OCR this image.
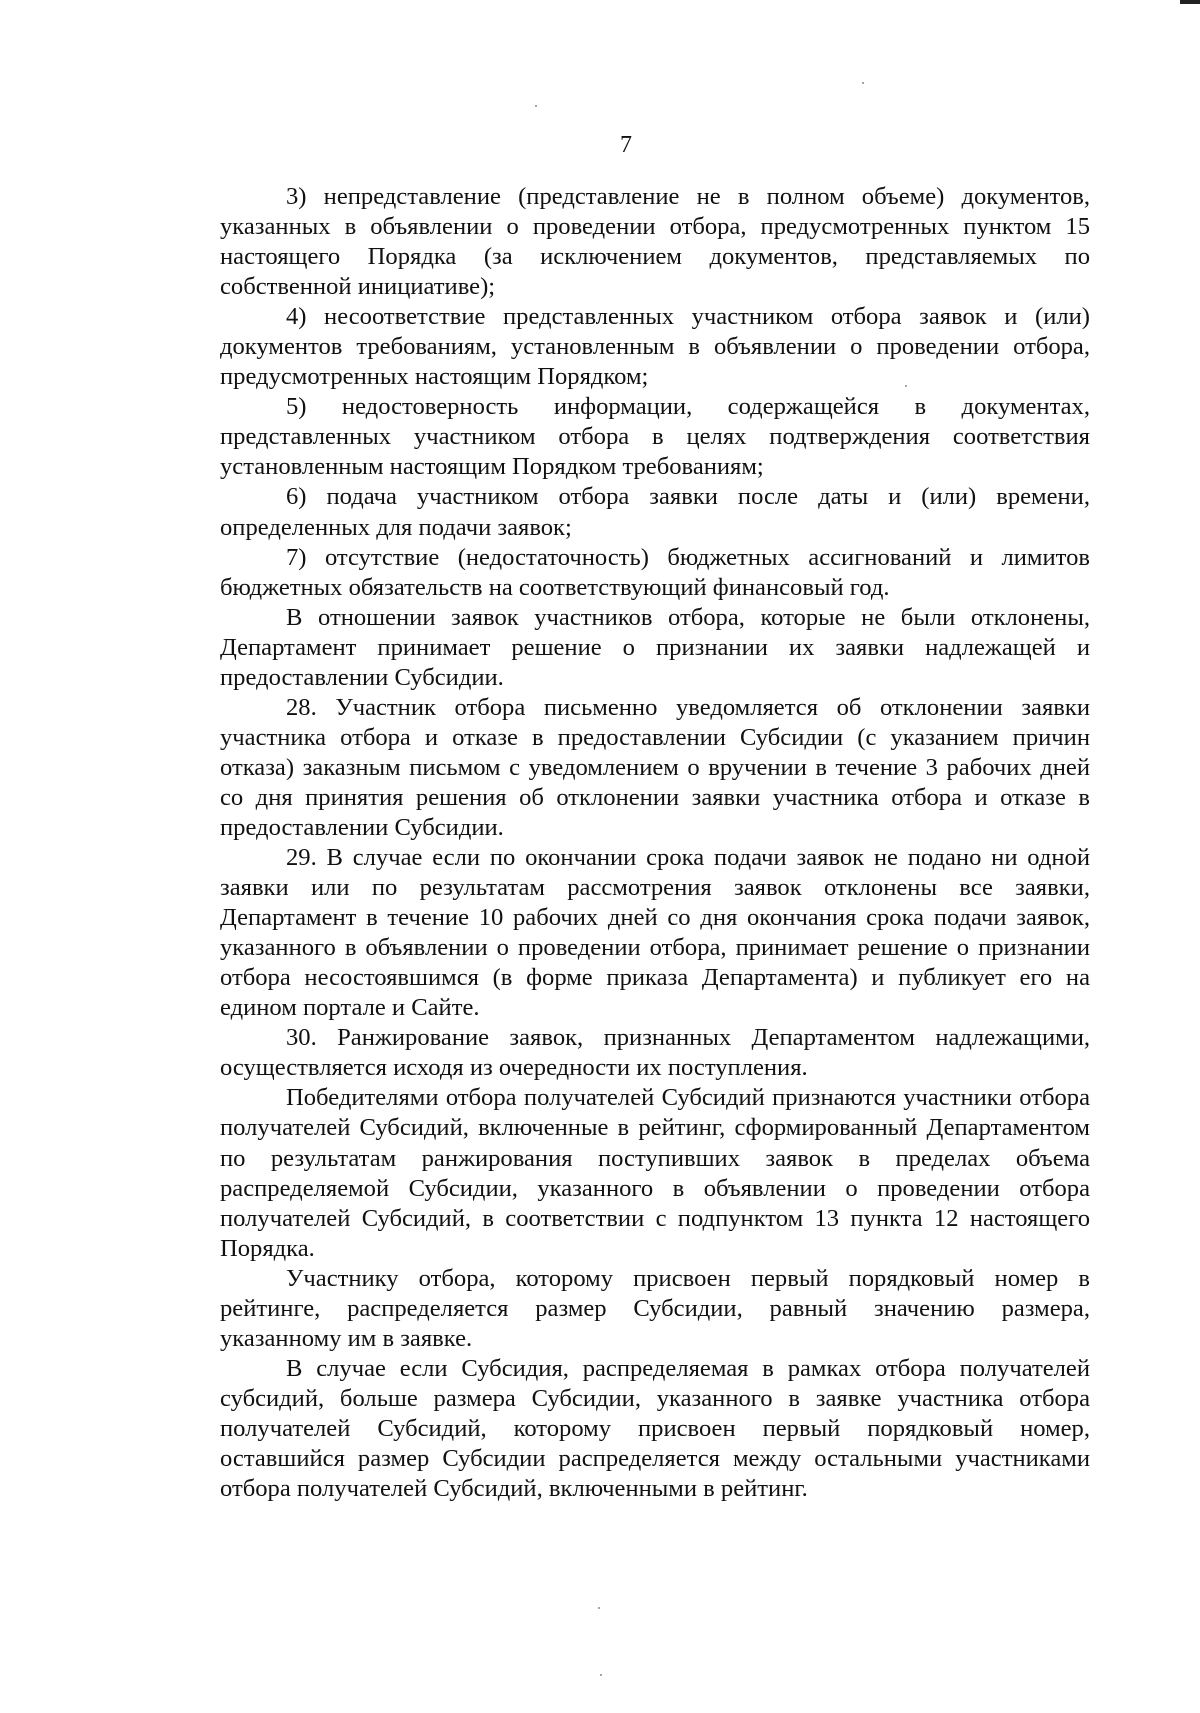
7

3) непредставление (представление не в полном объеме) документов, указанных в объявлении о проведении отбора, предусмотренных пунктом 15 настоящего Порядка (за исключением документов, представляемых по собственной инициативе);

4) несоответствие представленных участником отбора заявок и (или) документов требованиям, установленным в объявлении о проведении отбора, предусмотренных настоящим Порядком;

5) недостоверность информации, содержащейся в документах, представленных участником отбора в целях подтверждения соответствия установленным настоящим Порядком требованиям;

6) подача участником отбора заявки после даты и (или) времени, определенных для подачи заявок;

7) отсутствие (недостаточность) бюджетных ассигнований и лимитов бюджетных обязательств на соответствующий финансовый год.

В отношении заявок участников отбора, которые не были отклонены, Департамент принимает решение о признании их заявки надлежащей и предоставлении Субсидии.

28. Участник отбора письменно уведомляется об отклонении заявки участника отбора и отказе в предоставлении Субсидии (с указанием причин отказа) заказным письмом с уведомлением о вручении в течение 3 рабочих дней со дня принятия решения об отклонении заявки участника отбора и отказе в предоставлении Субсидии.

29. В случае если по окончании срока подачи заявок не подано ни одной заявки или по результатам рассмотрения заявок отклонены все заявки, Департамент в течение 10 рабочих дней со дня окончания срока подачи заявок, указанного в объявлении о проведении отбора, принимает решение о признании отбора несостоявшимся (в форме приказа Департамента) и публикует его на едином портале и Сайте.

30. Ранжирование заявок, признанных Департаментом надлежащими, осуществляется исходя из очередности их поступления.

Победителями отбора получателей Субсидий признаются участники отбора получателей Субсидий, включенные в рейтинг, сформированный Департаментом по результатам ранжирования поступивших заявок в пределах объема распределяемой Субсидии, указанного в объявлении о проведении отбора получателей Субсидий, в соответствии с подпунктом 13 пункта 12 настоящего Порядка.

Участнику отбора, которому присвоен первый порядковый номер в рейтинге, распределяется размер Субсидии, равный значению размера, указанному им в заявке.

В случае если Субсидия, распределяемая в рамках отбора получателей субсидий, больше размера Субсидии, указанного в заявке участника отбора получателей Субсидий, которому присвоен первый порядковый номер, оставшийся размер Субсидии распределяется между остальными участниками отбора получателей Субсидий, включенными в рейтинг.
